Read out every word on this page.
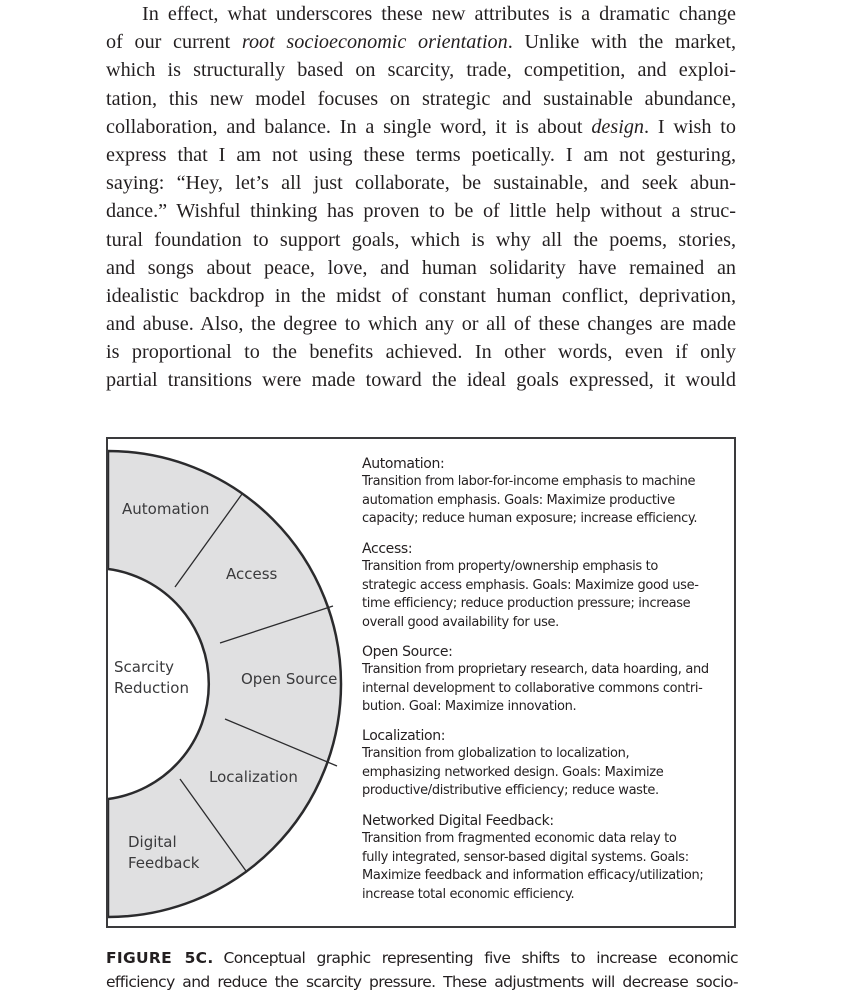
In effect, what underscores these new attributes is a dramatic change
of our current root socioeconomic orientation. Unlike with the market,
which is structurally based on scarcity, trade, competition, and exploi-
tation, this new model focuses on strategic and sustainable abundance,
collaboration, and balance. In a single word, it is about design. I wish to
express that I am not using these terms poetically. I am not gesturing,
saying: “Hey, let’s all just collaborate, be sustainable, and seek abun-
dance.” Wishful thinking has proven to be of little help without a struc-
tural foundation to support goals, which is why all the poems, stories,
and songs about peace, love, and human solidarity have remained an
idealistic backdrop in the midst of constant human conflict, deprivation,
and abuse. Also, the degree to which any or all of these changes are made
is proportional to the benefits achieved. In other words, even if only
partial transitions were made toward the ideal goals expressed, it would
Automation
Access
Open Source
Localization
Digital
Feedback
Scarcity
Reduction
Automation:
Transition from labor-for-income emphasis to machine
automation emphasis. Goals: Maximize productive
capacity; reduce human exposure; increase efficiency.
Access:
Transition from property/ownership emphasis to
strategic access emphasis. Goals: Maximize good use-
time efficiency; reduce production pressure; increase
overall good availability for use.
Open Source:
Transition from proprietary research, data hoarding, and
internal development to collaborative commons contri-
bution. Goal: Maximize innovation.
Localization:
Transition from globalization to localization,
emphasizing networked design. Goals: Maximize
productive/distributive efficiency; reduce waste.
Networked Digital Feedback:
Transition from fragmented economic data relay to
fully integrated, sensor-based digital systems. Goals:
Maximize feedback and information efficacy/utilization;
increase total economic efficiency.
FIGURE 5C. Conceptual graphic representing five shifts to increase economic
efficiency and reduce the scarcity pressure. These adjustments will decrease socio-
